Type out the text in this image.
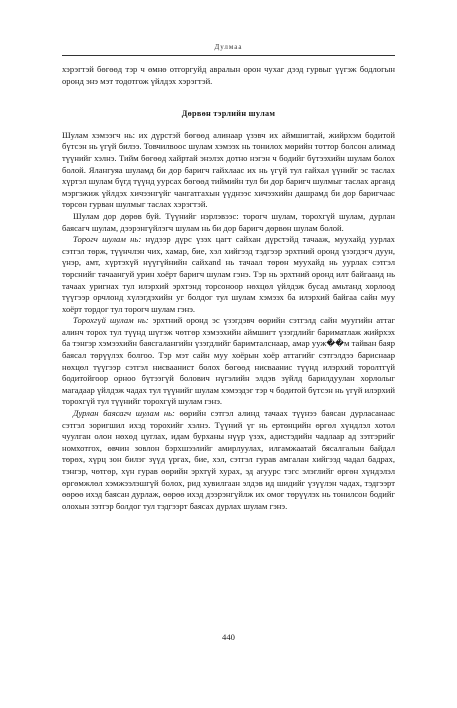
Дулмаа

хэрэгтэй бөгөөд тэр ч өмнө отгоргуйд авралын орон чухаг дээд гурвыг үүгэж бодлогын оронд энэ мэт тодотгож үйлдэх хэрэгтэй.

Дөрвөн тэрлийн шулам

Шулам хэмээгч нь: их дүрстэй бөгөөд алинаар үзэвч их аймшигтай, жийрхэм бодитой бүтсэн нь үгүй билээ. Товчилвоос шулам хэмээх нь тонилох мөрийн тоттор болсон алимад түүнийг хэлнэ. Тийм бөгөөд хайртай энэлэх дотно нэгэн ч бодийг бүтээхийн шулам болох болой. Ялангуяа шуламд би дор баригч гайхлаас их нь үгүй тул гайхал үүнийг эс таслах хүртэл шулам бүгд түүнд уурсах бөгөөд тиймийн тул би дор баригч шулмыг таслах арганд мэргэжиж үйлдэх хичээнгүйг чангатгахын үүднээс хичээхийн дашрамд би дор баригчаас төрсөн гурван шулмыг таслах хэрэгтэй.

Шулам дор дөрөв буй. Түүнийг нэрлэвээс: торогч шулам, торохгүй шулам, дурлан баясагч шулам, дээрэнгүйлэгч шулам нь би дор баригч дөрвөн шулам болой.

Торогч шулам нь: нүдээр дүрс үзэх цагт сайхан дүрстэйд тачааж, муухайд уурлах сэтгэл төрж, түүнчлэн чих, хамар, биe, хэл хийгээд тэдгээр эрхтний оронд үзэгдэгч дуун, үнэр, амт, хүртэхүй нүүгүйнийн сайхand нь тачаал төрөн муухайд нь уурлах сэтгэл төрснийг тачаангуй урин хоёрт баригч шулам гэнэ. Тэр нь эрхтний оронд илт байгаанд нь тачаах уригнах тул илэрхий эрхтэнд торсоноор нөхцөл үйлдэж бусад амьтанд хорлоод түүгээр орчлонд хүлэгдэхийн уг болдог тул шулам хэмээх ба илэрхий байгаа сайн муу хоёрт тордог тул торогч шулам гэнэ.

Торохгүй шулам нь: эрхтний оронд эс үзэгдэвч өөрийн сэтгэлд сайн муугийн аттаг алинч торох тул түүнд шүтэж чөтгөр хэмээхийн аймшигт үзэгдлийг бариматлаж жийрхэх ба тэнгэр хэмээхийн баясгалангийн үзэгдлийг баримталснаар, амар ууж��м тайван баяр баясал төрүүлэх болгоо. Тэр мэт сайн муу хоёрын хоёр аттагийг сэтгэлдээ бариснаар нөхцөл түүгээр сэтгэл нисваанист болох бөгөөд нисваанис түүнд илэрхий торолтгүй бодитойгоор орноо бүтээгүй болович нүгэлийн элдэв зүйлд барилдуулан хорлолыг магадаар үйлдэж чадах тул түүнийг шулам хэмээдэг тэр ч бодитой бүтсэн нь үгүй илэрхий торохгүй тул түүнийг торохгүй шулам гэнэ.

Дурлан баясагч шулам нь: өөрийн сэтгэл алинд тачаах түүнээ баясан дурласанаас сэтгэл зоригшил ихэд торохийг хэлнэ. Түүний үг нь ертөнцийн өргөл хүндлэл хотол чуулган олон нөхөд цуглах, идам бурханы нүүр үзэх, адистэдийн чадлаар ад зэтгэрийг номхотгох, өвчин зовлон бэрхшээлийг амирлуулах, илгамжаатай бясалгалын байдал төрөх, хүрц зон билэг зүүд үргах, бие, хэл, сэтгэл гурав амгалан хийгээд чадал бадрах, тэнгэр, чөтгөр, хүн гурав өөрийн эрхтүй хурах, эд агуурс тэгс элэглийг өргөн хүндэлэл өргөмжлөл хэмжээлэшгүй болох, рид хувилгаан элдэв ид шидийг үзүүлэн чадах, тэдгээрт өөрөө ихэд баясан дурлаж, өөрөө ихэд дээрэнгүйлж их омог төрүүлэх нь тонилсон бодийг олохын зэтгэр болдог тул тэдгээрт баясах дурлах шулам гэнэ.

440
